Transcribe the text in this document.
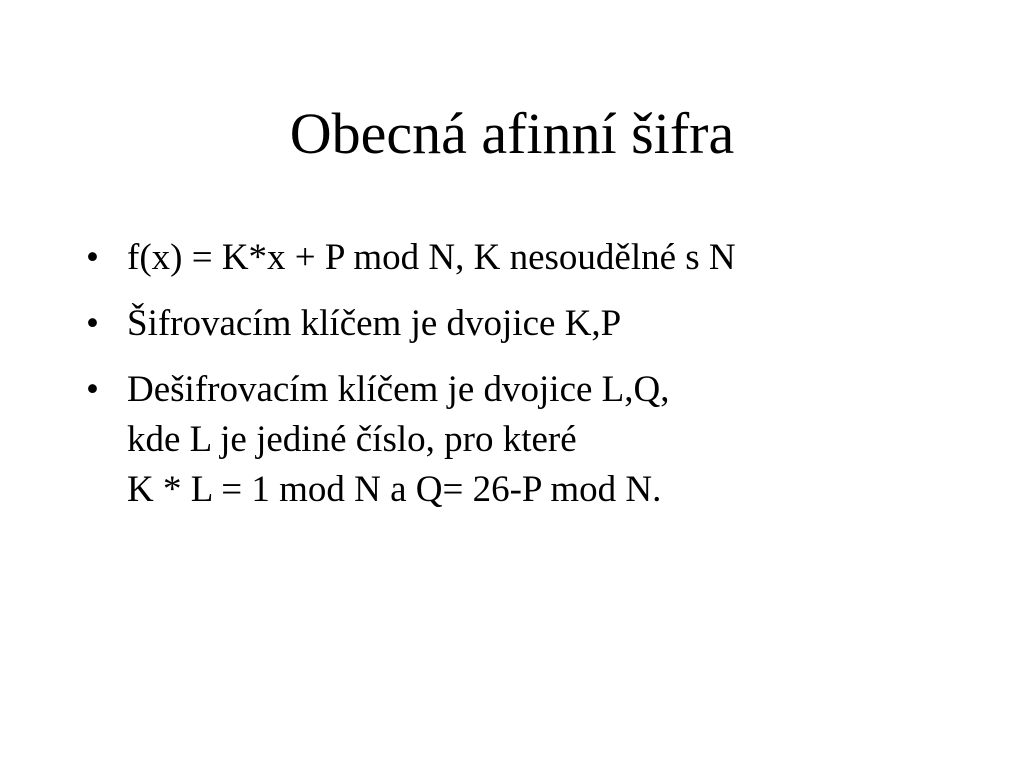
Obecná afinní šifra
• f(x) = K*x + P mod N, K nesoudělné s N
• Šifrovacím klíčem je dvojice K,P
• Dešifrovacím klíčem je dvojice L,Q,
kde L je jediné číslo, pro které
K * L = 1 mod N a Q= 26-P mod N.
